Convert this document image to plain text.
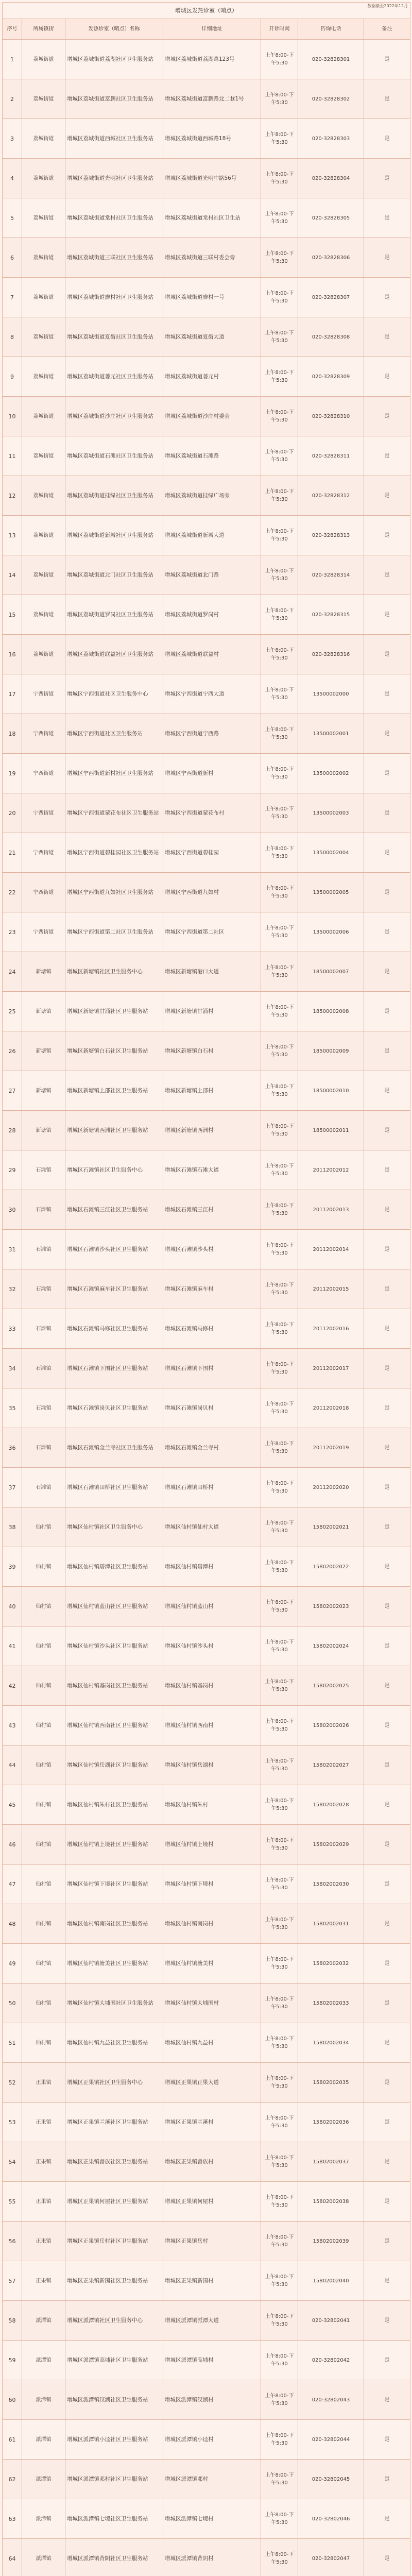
增城区发热诊室（哨点）
数据截至2022年12月						

序号	所属镇街	发热诊室（哨点）名称	详细地址	开诊时间	咨询电话	备注
1	荔城街道	增城区荔城街道荔湖社区卫生服务站	增城区荔城街道荔湖路123号	上午8:00-下午5:30	020-32828301	是
2	荔城街道	增城区荔城街道富鹏社区卫生服务站	增城区荔城街道富鹏路北二巷1号	上午8:00-下午5:30	020-32828302	是
3	荔城街道	增城区荔城街道西城社区卫生服务站	增城区荔城街道西城路18号	上午8:00-下午5:30	020-32828303	是
4	荔城街道	增城区荔城街道光明社区卫生服务站	增城区荔城街道光明中路56号	上午8:00-下午5:30	020-32828304	是
5	荔城街道	增城区荔城街道棠村社区卫生服务站	增城区荔城街道棠村社区卫生站	上午8:00-下午5:30	020-32828305	是
6	荔城街道	增城区荔城街道三联社区卫生服务站	增城区荔城街道三联村委会旁	上午8:00-下午5:30	020-32828306	是
7	荔城街道	增城区荔城街道廖村社区卫生服务站	增城区荔城街道廖村一号	上午8:00-下午5:30	020-32828307	是
8	荔城街道	增城区荔城街道夏街社区卫生服务站	增城区荔城街道夏街大道	上午8:00-下午5:30	020-32828308	是
9	荔城街道	增城区荔城街道蒌元社区卫生服务站	增城区荔城街道蒌元村	上午8:00-下午5:30	020-32828309	是
10	荔城街道	增城区荔城街道沙庄社区卫生服务站	增城区荔城街道沙庄村委会	上午8:00-下午5:30	020-32828310	是
11	荔城街道	增城区荔城街道石滩社区卫生服务站	增城区荔城街道石滩路	上午8:00-下午5:30	020-32828311	是
12	荔城街道	增城区荔城街道挂绿社区卫生服务站	增城区荔城街道挂绿广场旁	上午8:00-下午5:30	020-32828312	是
13	荔城街道	增城区荔城街道新城社区卫生服务站	增城区荔城街道新城大道	上午8:00-下午5:30	020-32828313	是
14	荔城街道	增城区荔城街道北门社区卫生服务站	增城区荔城街道北门路	上午8:00-下午5:30	020-32828314	是
15	荔城街道	增城区荔城街道罗岗社区卫生服务站	增城区荔城街道罗岗村	上午8:00-下午5:30	020-32828315	是
16	荔城街道	增城区荔城街道联益社区卫生服务站	增城区荔城街道联益村	上午8:00-下午5:30	020-32828316	是
17	宁西街道	增城区宁西街道社区卫生服务中心	增城区宁西街道宁西大道	上午8:00-下午5:30	13500002000	是
18	宁西街道	增城区宁西街道社区卫生服务站	增城区宁西街道宁西路	上午8:00-下午5:30	13500002001	是
19	宁西街道	增城区宁西街道新村社区卫生服务站	增城区宁西街道新村	上午8:00-下午5:30	13500002002	是
20	宁西街道	增城区宁西街道蒙花布社区卫生服务站	增城区宁西街道蒙花布村	上午8:00-下午5:30	13500002003	是
21	宁西街道	增城区宁西街道碧桂园社区卫生服务站	增城区宁西街道碧桂园	上午8:00-下午5:30	13500002004	是
22	宁西街道	增城区宁西街道九如社区卫生服务站	增城区宁西街道九如村	上午8:00-下午5:30	13500002005	是
23	宁西街道	增城区宁西街道第二社区卫生服务站	增城区宁西街道第二社区	上午8:00-下午5:30	13500002006	是
24	新塘镇	增城区新塘镇社区卫生服务中心	增城区新塘镇港口大道	上午8:00-下午5:30	18500002007	是
25	新塘镇	增城区新塘镇甘涌社区卫生服务站	增城区新塘镇甘涌村	上午8:00-下午5:30	18500002008	是
26	新塘镇	增城区新塘镇白石社区卫生服务站	增城区新塘镇白石村	上午8:00-下午5:30	18500002009	是
27	新塘镇	增城区新塘镇上邵社区卫生服务站	增城区新塘镇上邵村	上午8:00-下午5:30	18500002010	是
28	新塘镇	增城区新塘镇西洲社区卫生服务站	增城区新塘镇西洲村	上午8:00-下午5:30	18500002011	是
29	石滩镇	增城区石滩镇社区卫生服务中心	增城区石滩镇石滩大道	上午8:00-下午5:30	20112002012	是
30	石滩镇	增城区石滩镇三江社区卫生服务站	增城区石滩镇三江村	上午8:00-下午5:30	20112002013	是
31	石滩镇	增城区石滩镇沙头社区卫生服务站	增城区石滩镇沙头村	上午8:00-下午5:30	20112002014	是
32	石滩镇	增城区石滩镇麻车社区卫生服务站	增城区石滩镇麻车村	上午8:00-下午5:30	20112002015	是
33	石滩镇	增城区石滩镇马修社区卫生服务站	增城区石滩镇马修村	上午8:00-下午5:30	20112002016	是
34	石滩镇	增城区石滩镇下围社区卫生服务站	增城区石滩镇下围村	上午8:00-下午5:30	20112002017	是
35	石滩镇	增城区石滩镇岗贝社区卫生服务站	增城区石滩镇岗贝村	上午8:00-下午5:30	20112002018	是
36	石滩镇	增城区石滩镇金兰寺社区卫生服务站	增城区石滩镇金兰寺村	上午8:00-下午5:30	20112002019	是
37	石滩镇	增城区石滩镇田桥社区卫生服务站	增城区石滩镇田桥村	上午8:00-下午5:30	20112002020	是
38	仙村镇	增城区仙村镇社区卫生服务中心	增城区仙村镇仙村大道	上午8:00-下午5:30	15802002021	是
39	仙村镇	增城区仙村镇碧潭社区卫生服务站	增城区仙村镇碧潭村	上午8:00-下午5:30	15802002022	是
40	仙村镇	增城区仙村镇蓝山社区卫生服务站	增城区仙村镇蓝山村	上午8:00-下午5:30	15802002023	是
41	仙村镇	增城区仙村镇沙头社区卫生服务站	增城区仙村镇沙头村	上午8:00-下午5:30	15802002024	是
42	仙村镇	增城区仙村镇基岗社区卫生服务站	增城区仙村镇基岗村	上午8:00-下午5:30	15802002025	是
43	仙村镇	增城区仙村镇西南社区卫生服务站	增城区仙村镇西南村	上午8:00-下午5:30	15802002026	是
44	仙村镇	增城区仙村镇岳湖社区卫生服务站	增城区仙村镇岳湖村	上午8:00-下午5:30	15802002027	是
45	仙村镇	增城区仙村镇朱村社区卫生服务站	增城区仙村镇朱村	上午8:00-下午5:30	15802002028	是
46	仙村镇	增城区仙村镇上境社区卫生服务站	增城区仙村镇上境村	上午8:00-下午5:30	15802002029	是
47	仙村镇	增城区仙村镇下境社区卫生服务站	增城区仙村镇下境村	上午8:00-下午5:30	15802002030	是
48	仙村镇	增城区仙村镇南岗社区卫生服务站	增城区仙村镇南岗村	上午8:00-下午5:30	15802002031	是
49	仙村镇	增城区仙村镇塘美社区卫生服务站	增城区仙村镇塘美村	上午8:00-下午5:30	15802002032	是
50	仙村镇	增城区仙村镇大埔围社区卫生服务站	增城区仙村镇大埔围村	上午8:00-下午5:30	15802002033	是
51	仙村镇	增城区仙村镇九益社区卫生服务站	增城区仙村镇九益村	上午8:00-下午5:30	15802002034	是
52	正果镇	增城区正果镇社区卫生服务中心	增城区正果镇正果大道	上午8:00-下午5:30	15802002035	是
53	正果镇	增城区正果镇兰溪社区卫生服务站	增城区正果镇兰溪村	上午8:00-下午5:30	15802002036	是
54	正果镇	增城区正果镇畲族社区卫生服务站	增城区正果镇畲族村	上午8:00-下午5:30	15802002037	是
55	正果镇	增城区正果镇何屋社区卫生服务站	增城区正果镇何屋村	上午8:00-下午5:30	15802002038	是
56	正果镇	增城区正果镇岳村社区卫生服务站	增城区正果镇岳村	上午8:00-下午5:30	15802002039	是
57	正果镇	增城区正果镇新围社区卫生服务站	增城区正果镇新围村	上午8:00-下午5:30	15802002040	是
58	派潭镇	增城区派潭镇社区卫生服务中心	增城区派潭镇派潭大道	上午8:00-下午5:30	020-32802041	是
59	派潭镇	增城区派潭镇高埔社区卫生服务站	增城区派潭镇高埔村	上午8:00-下午5:30	020-32802042	是
60	派潭镇	增城区派潭镇汉湖社区卫生服务站	增城区派潭镇汉湖村	上午8:00-下午5:30	020-32802043	是
61	派潭镇	增城区派潭镇小迳社区卫生服务站	增城区派潭镇小迳村	上午8:00-下午5:30	020-32802044	是
62	派潭镇	增城区派潭镇邓村社区卫生服务站	增城区派潭镇邓村	上午8:00-下午5:30	020-32802045	是
63	派潭镇	增城区派潭镇七境社区卫生服务站	增城区派潭镇七境村	上午8:00-下午5:30	020-32802046	是
64	派潭镇	增城区派潭镇背阴社区卫生服务站	增城区派潭镇背阴村	上午8:00-下午5:30	020-32802047	是
